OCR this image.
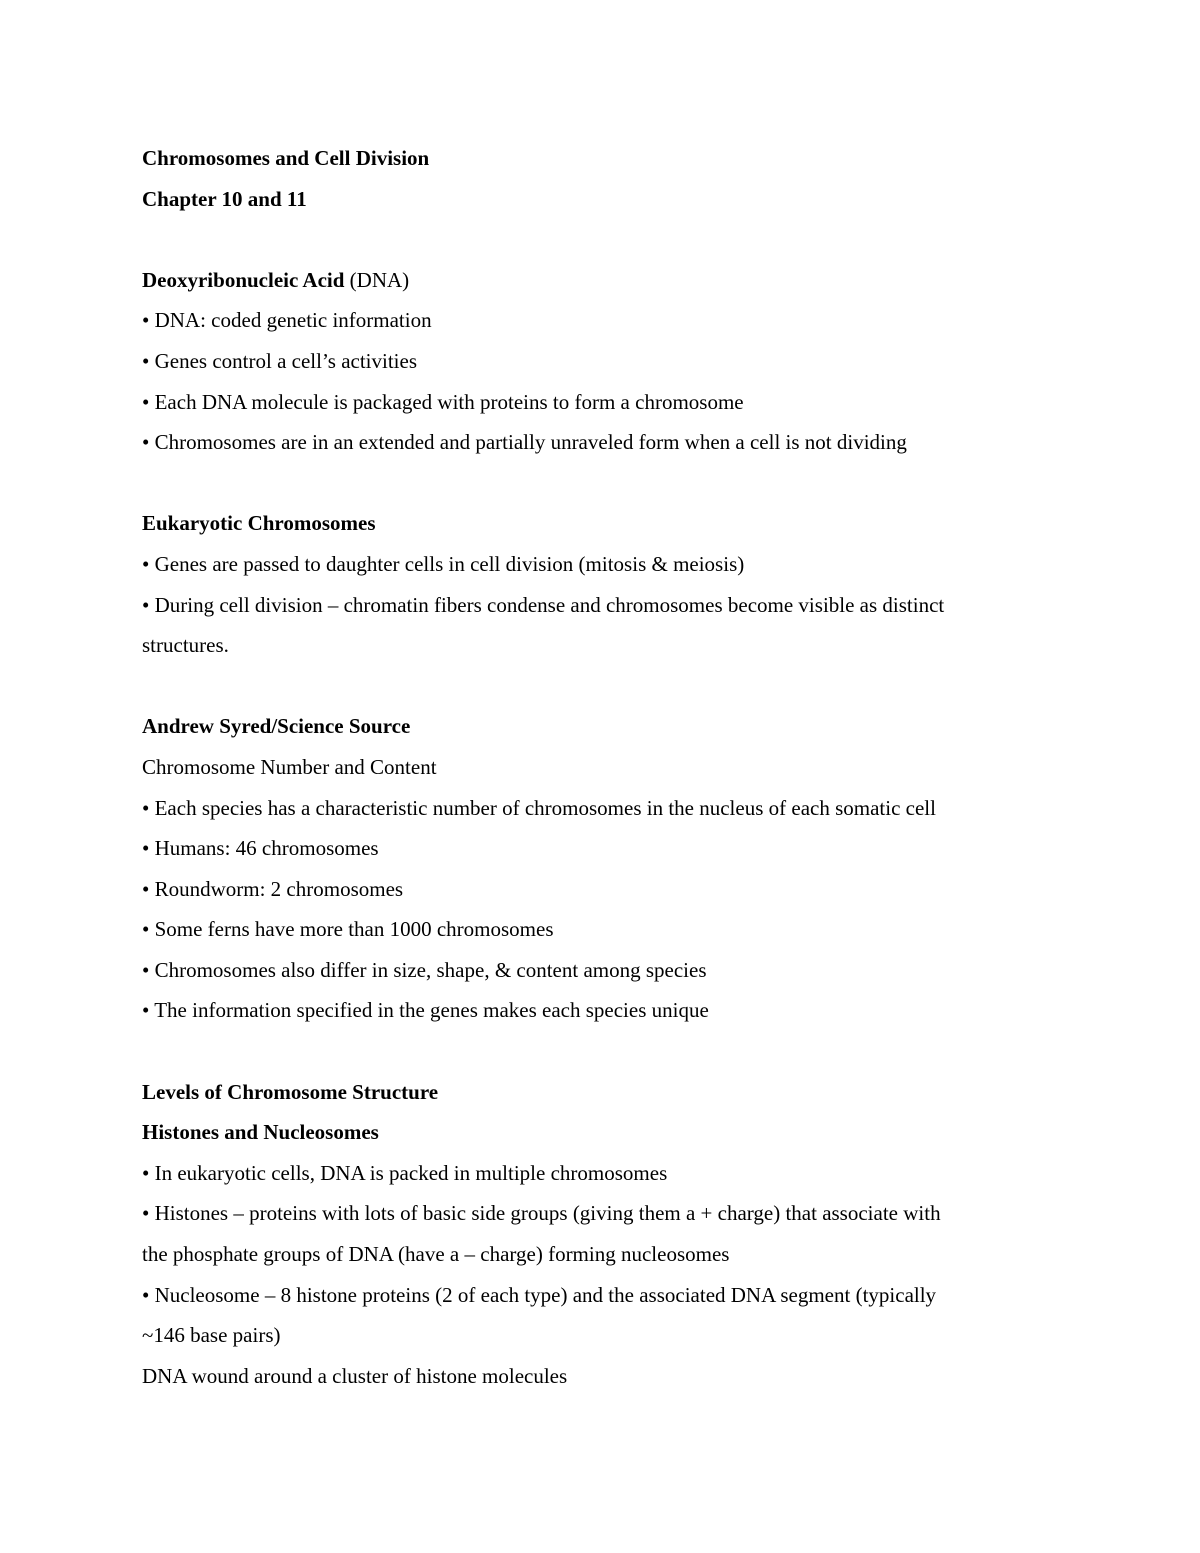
Chromosomes and Cell Division
Chapter 10 and 11
Deoxyribonucleic Acid (DNA)
• DNA: coded genetic information
• Genes control a cell’s activities
• Each DNA molecule is packaged with proteins to form a chromosome
• Chromosomes are in an extended and partially unraveled form when a cell is not dividing
Eukaryotic Chromosomes
• Genes are passed to daughter cells in cell division (mitosis & meiosis)
• During cell division – chromatin fibers condense and chromosomes become visible as distinct
structures.
Andrew Syred/Science Source
Chromosome Number and Content
• Each species has a characteristic number of chromosomes in the nucleus of each somatic cell
• Humans: 46 chromosomes
• Roundworm: 2 chromosomes
• Some ferns have more than 1000 chromosomes
• Chromosomes also differ in size, shape, & content among species
• The information specified in the genes makes each species unique
Levels of Chromosome Structure
Histones and Nucleosomes
• In eukaryotic cells, DNA is packed in multiple chromosomes
• Histones – proteins with lots of basic side groups (giving them a + charge) that associate with
the phosphate groups of DNA (have a – charge) forming nucleosomes
• Nucleosome – 8 histone proteins (2 of each type) and the associated DNA segment (typically
~146 base pairs)
DNA wound around a cluster of histone molecules
